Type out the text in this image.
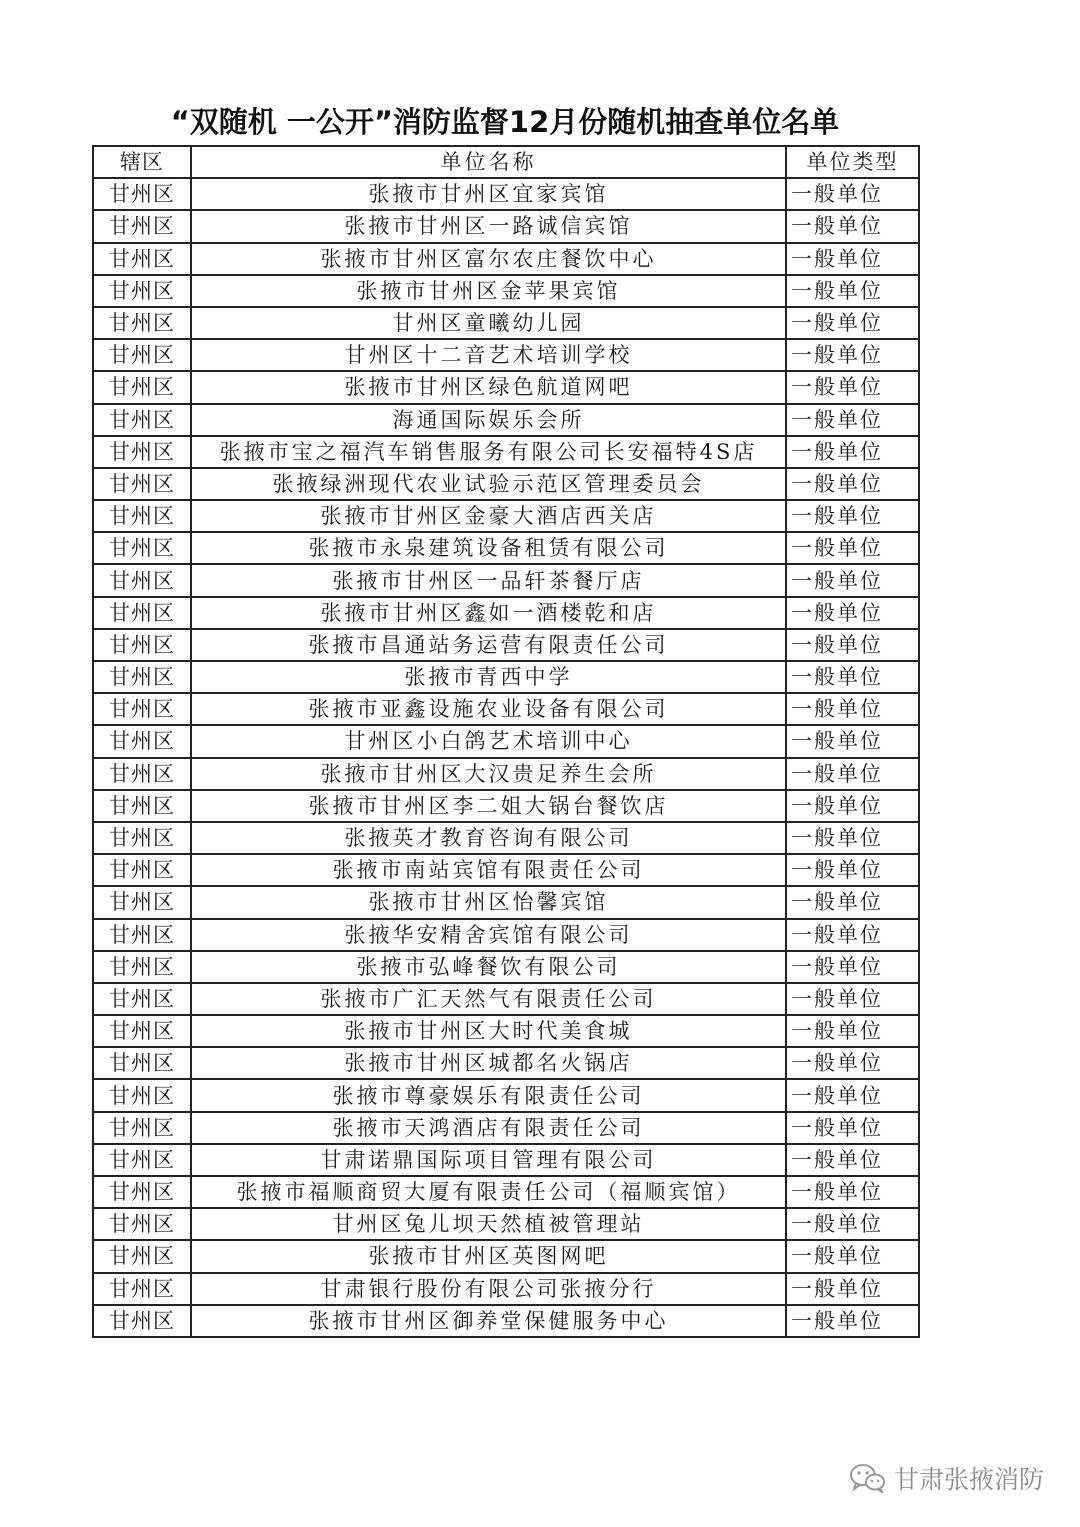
“双随机 一公开”消防监督12月份随机抽查单位名单
辖区	单位名称	单位类型
甘州区	张掖市甘州区宜家宾馆	一般单位
甘州区	张掖市甘州区一路诚信宾馆	一般单位
甘州区	张掖市甘州区富尔农庄餐饮中心	一般单位
甘州区	张掖市甘州区金苹果宾馆	一般单位
甘州区	甘州区童曦幼儿园	一般单位
甘州区	甘州区十二音艺术培训学校	一般单位
甘州区	张掖市甘州区绿色航道网吧	一般单位
甘州区	海通国际娱乐会所	一般单位
甘州区	张掖市宝之福汽车销售服务有限公司长安福特4S店	一般单位
甘州区	张掖绿洲现代农业试验示范区管理委员会	一般单位
甘州区	张掖市甘州区金豪大酒店西关店	一般单位
甘州区	张掖市永泉建筑设备租赁有限公司	一般单位
甘州区	张掖市甘州区一品轩茶餐厅店	一般单位
甘州区	张掖市甘州区鑫如一酒楼乾和店	一般单位
甘州区	张掖市昌通站务运营有限责任公司	一般单位
甘州区	张掖市青西中学	一般单位
甘州区	张掖市亚鑫设施农业设备有限公司	一般单位
甘州区	甘州区小白鸽艺术培训中心	一般单位
甘州区	张掖市甘州区大汉贵足养生会所	一般单位
甘州区	张掖市甘州区李二姐大锅台餐饮店	一般单位
甘州区	张掖英才教育咨询有限公司	一般单位
甘州区	张掖市南站宾馆有限责任公司	一般单位
甘州区	张掖市甘州区怡馨宾馆	一般单位
甘州区	张掖华安精舍宾馆有限公司	一般单位
甘州区	张掖市弘峰餐饮有限公司	一般单位
甘州区	张掖市广汇天然气有限责任公司	一般单位
甘州区	张掖市甘州区大时代美食城	一般单位
甘州区	张掖市甘州区城都名火锅店	一般单位
甘州区	张掖市尊豪娱乐有限责任公司	一般单位
甘州区	张掖市天鸿酒店有限责任公司	一般单位
甘州区	甘肃诺鼎国际项目管理有限公司	一般单位
甘州区	张掖市福顺商贸大厦有限责任公司（福顺宾馆）	一般单位
甘州区	甘州区兔儿坝天然植被管理站	一般单位
甘州区	张掖市甘州区英图网吧	一般单位
甘州区	甘肃银行股份有限公司张掖分行	一般单位
甘州区	张掖市甘州区御养堂保健服务中心	一般单位
甘肃张掖消防
